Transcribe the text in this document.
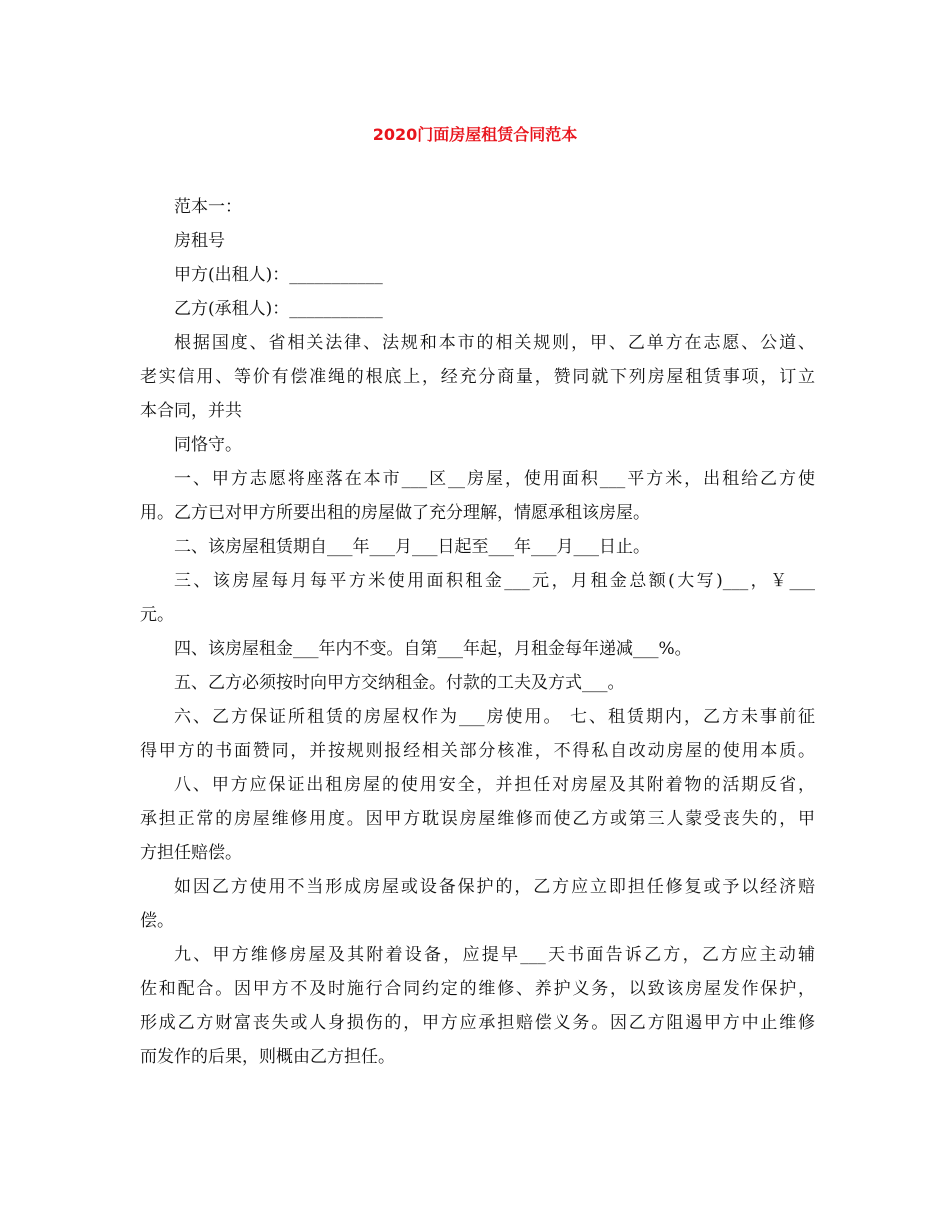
2020门面房屋租赁合同范本
范本一：
房租号
甲方(出租人)：___________
乙方(承租人)：___________
根据国度、省相关法律、法规和本市的相关规则，甲、乙单方在志愿、公道、
老实信用、等价有偿准绳的根底上，经充分商量，赞同就下列房屋租赁事项，订立
本合同，并共
同恪守。
一、甲方志愿将座落在本市___区__房屋，使用面积___平方米，出租给乙方使
用。乙方已对甲方所要出租的房屋做了充分理解，情愿承租该房屋。
二、该房屋租赁期自___年___月___日起至___年___月___日止。
三、该房屋每月每平方米使用面积租金___元，月租金总额(大写)___，￥___
元。
四、该房屋租金___年内不变。自第___年起，月租金每年递减___%。
五、乙方必须按时向甲方交纳租金。付款的工夫及方式___。
六、乙方保证所租赁的房屋权作为___房使用。 七、租赁期内，乙方未事前征
得甲方的书面赞同，并按规则报经相关部分核准，不得私自改动房屋的使用本质。
八、甲方应保证出租房屋的使用安全，并担任对房屋及其附着物的活期反省，
承担正常的房屋维修用度。因甲方耽误房屋维修而使乙方或第三人蒙受丧失的，甲
方担任赔偿。
如因乙方使用不当形成房屋或设备保护的，乙方应立即担任修复或予以经济赔
偿。
九、甲方维修房屋及其附着设备，应提早___天书面告诉乙方，乙方应主动辅
佐和配合。因甲方不及时施行合同约定的维修、养护义务，以致该房屋发作保护，
形成乙方财富丧失或人身损伤的，甲方应承担赔偿义务。因乙方阻遏甲方中止维修
而发作的后果，则概由乙方担任。
